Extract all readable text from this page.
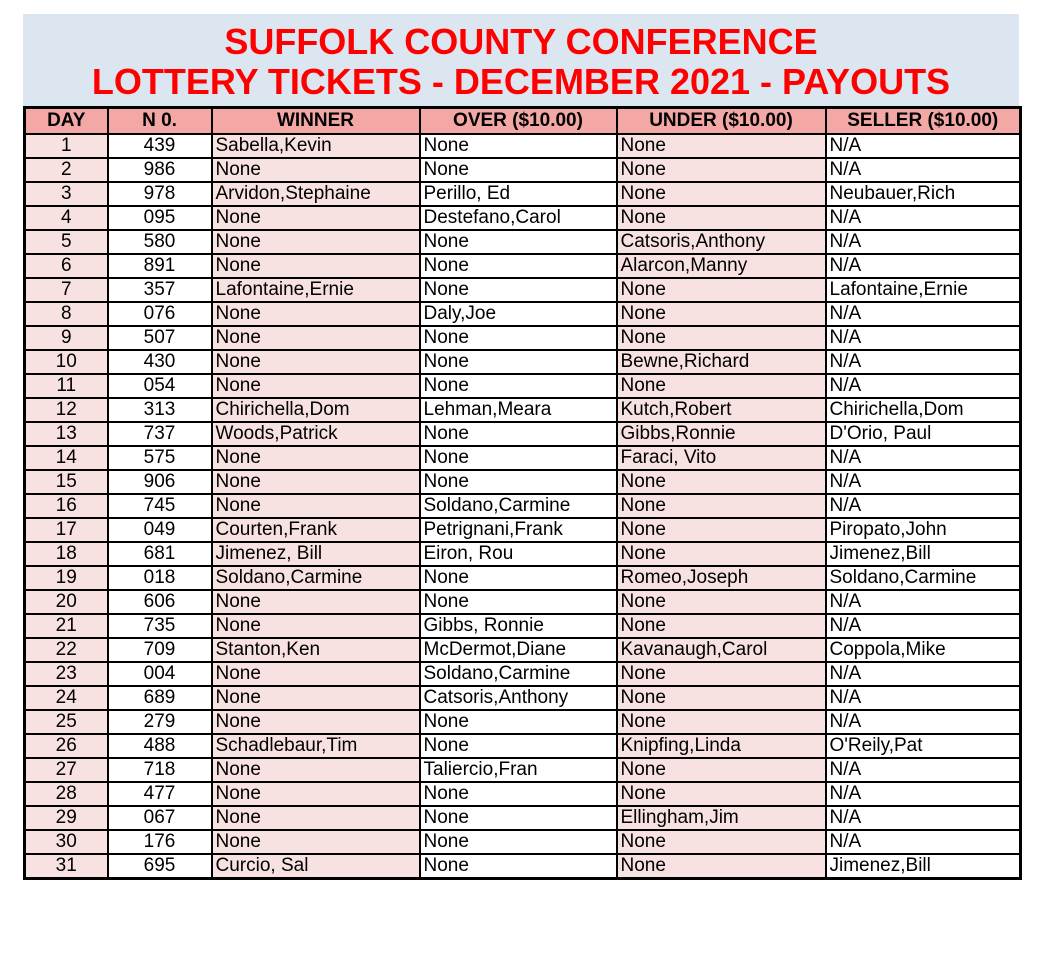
SUFFOLK COUNTY CONFERENCE
LOTTERY TICKETS - DECEMBER 2021 - PAYOUTS
DAY	N 0.	WINNER	OVER ($10.00)	UNDER ($10.00)	SELLER ($10.00)
1	439	Sabella,Kevin	None	None	N/A
2	986	None	None	None	N/A
3	978	Arvidon,Stephaine	Perillo, Ed	None	Neubauer,Rich
4	095	None	Destefano,Carol	None	N/A
5	580	None	None	Catsoris,Anthony	N/A
6	891	None	None	Alarcon,Manny	N/A
7	357	Lafontaine,Ernie	None	None	Lafontaine,Ernie
8	076	None	Daly,Joe	None	N/A
9	507	None	None	None	N/A
10	430	None	None	Bewne,Richard	N/A
11	054	None	None	None	N/A
12	313	Chirichella,Dom	Lehman,Meara	Kutch,Robert	Chirichella,Dom
13	737	Woods,Patrick	None	Gibbs,Ronnie	D'Orio, Paul
14	575	None	None	Faraci, Vito	N/A
15	906	None	None	None	N/A
16	745	None	Soldano,Carmine	None	N/A
17	049	Courten,Frank	Petrignani,Frank	None	Piropato,John
18	681	Jimenez, Bill	Eiron, Rou	None	Jimenez,Bill
19	018	Soldano,Carmine	None	Romeo,Joseph	Soldano,Carmine
20	606	None	None	None	N/A
21	735	None	Gibbs, Ronnie	None	N/A
22	709	Stanton,Ken	McDermot,Diane	Kavanaugh,Carol	Coppola,Mike
23	004	None	Soldano,Carmine	None	N/A
24	689	None	Catsoris,Anthony	None	N/A
25	279	None	None	None	N/A
26	488	Schadlebaur,Tim	None	Knipfing,Linda	O'Reily,Pat
27	718	None	Taliercio,Fran	None	N/A
28	477	None	None	None	N/A
29	067	None	None	Ellingham,Jim	N/A
30	176	None	None	None	N/A
31	695	Curcio, Sal	None	None	Jimenez,Bill
